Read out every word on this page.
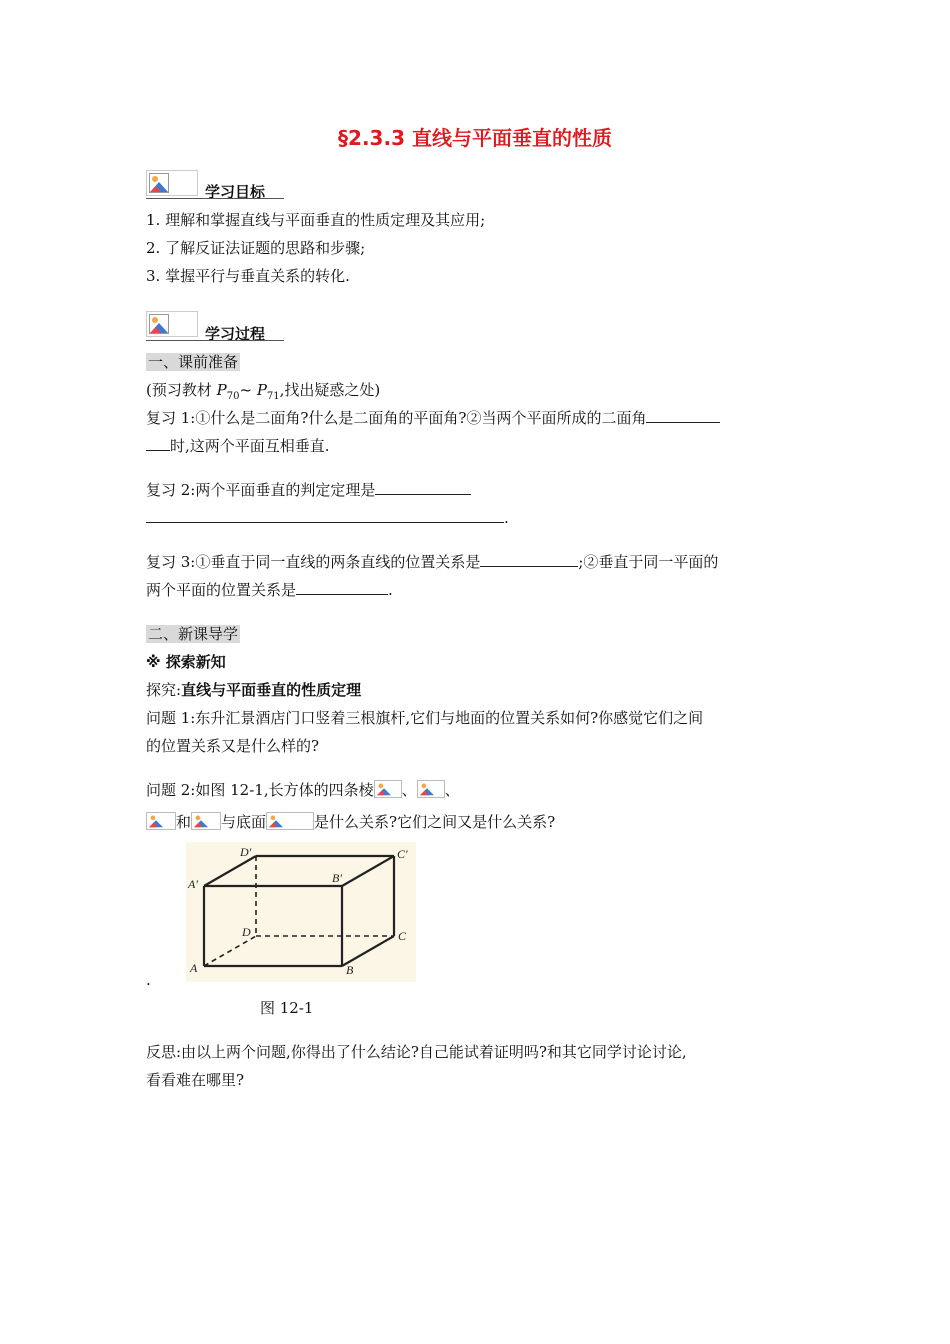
§2.3.3 直线与平面垂直的性质
学习目标
1. 理解和掌握直线与平面垂直的性质定理及其应用;
2. 了解反证法证题的思路和步骤;
3. 掌握平行与垂直关系的转化.
学习过程
一、课前准备
(预习教材 $P_{70}\sim$ $P_{71}$,找出疑惑之处)
复习 1:①什么是二面角?什么是二面角的平面角?②当两个平面所成的二面角
时,这两个平面互相垂直.
复习 2:两个平面垂直的判定定理是
.
复习 3:①垂直于同一直线的两条直线的位置关系是	;②垂直于同一平面的
两个平面的位置关系是	.
二、新课导学
※ 探索新知
探究:直线与平面垂直的性质定理
问题 1:东升汇景酒店门口竖着三根旗杆,它们与地面的位置关系如何?你感觉它们之间
的位置关系又是什么样的?
问题 2:如图 12-1,长方体的四条棱 、 、
和 与底面	是什么关系?它们之间又是什么关系?
D′	C′
A′	B′
D	C
A	B
.
图 12-1
反思:由以上两个问题,你得出了什么结论?自己能试着证明吗?和其它同学讨论讨论,
看看难在哪里?
